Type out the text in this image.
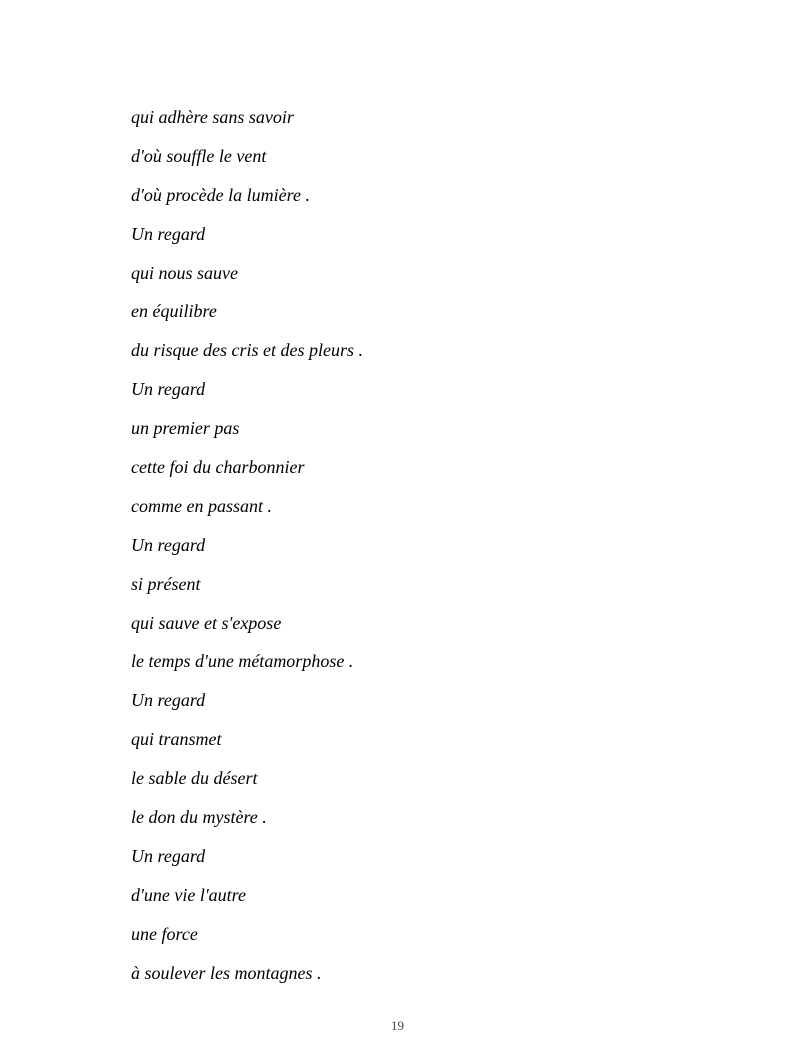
qui adhère sans savoir
d'où souffle le vent
d'où procède la lumière .
Un regard
qui nous sauve
en équilibre
du risque des cris et des pleurs .
Un regard
un premier pas
cette foi du charbonnier
comme en passant .
Un regard
si présent
qui sauve et s'expose
le temps d'une métamorphose .
Un regard
qui transmet
le sable du désert
le don du mystère .
Un regard
d'une vie l'autre
une force
à soulever les montagnes .
19
